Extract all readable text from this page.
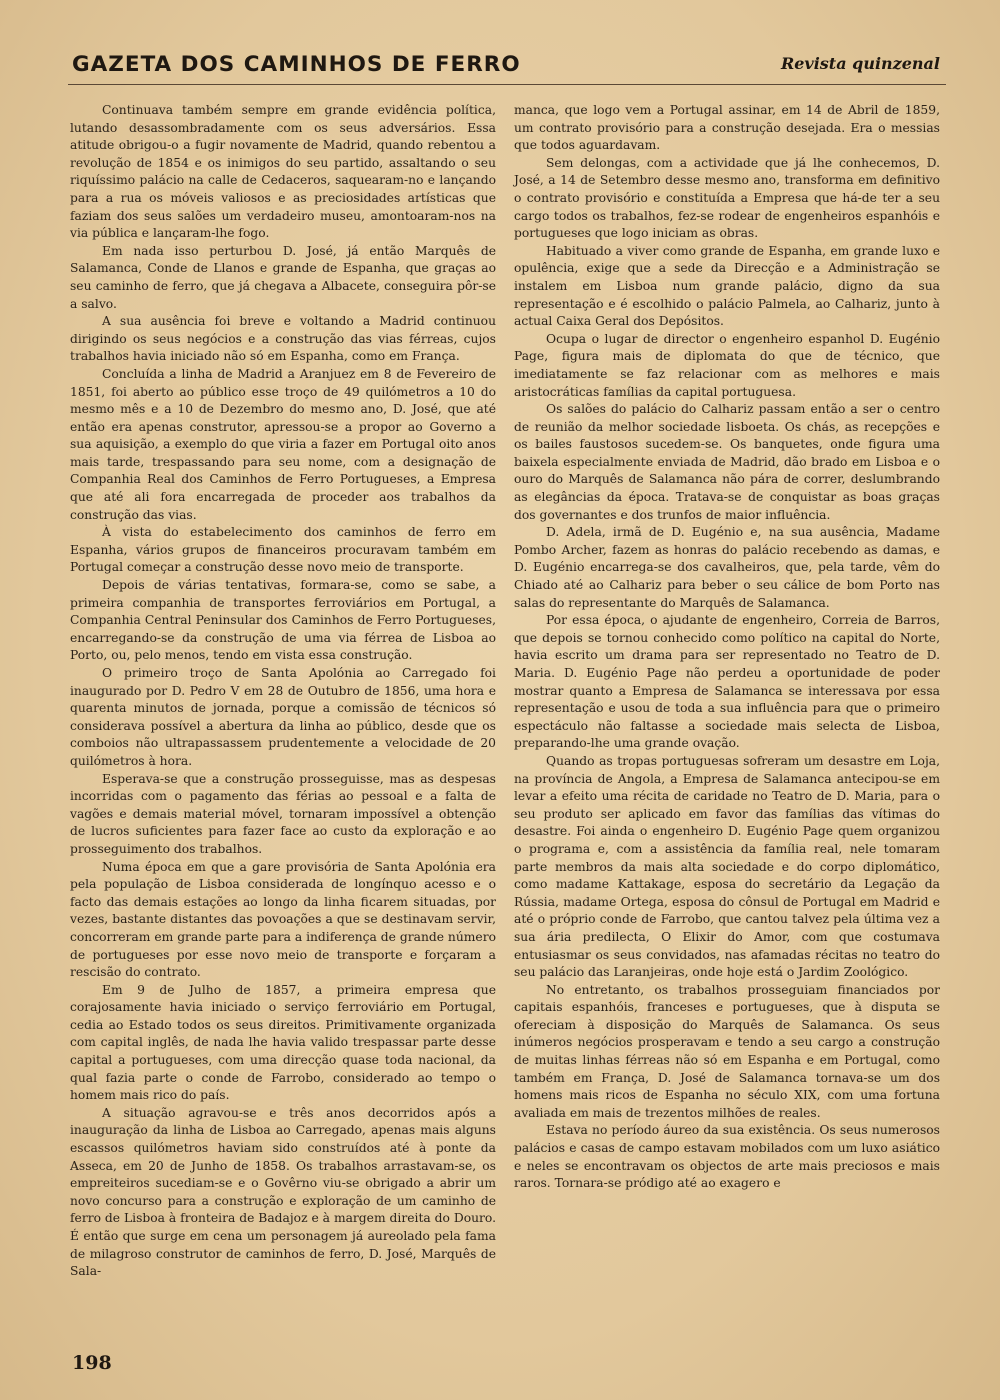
GAZETA DOS CAMINHOS DE FERRO	Revista quinzenal

Continuava também sempre em grande evidência política, lutando desassombradamente com os seus adversários. Essa atitude obrigou-o a fugir novamente de Madrid, quando rebentou a revolução de 1854 e os inimigos do seu partido, assaltando o seu riquíssimo palácio na calle de Cedaceros, saquearam-no e lançando para a rua os móveis valiosos e as preciosidades artísticas que faziam dos seus salões um verdadeiro museu, amontoaram-nos na via pública e lançaram-lhe fogo.

Em nada isso perturbou D. José, já então Marquês de Salamanca, Conde de Llanos e grande de Espanha, que graças ao seu caminho de ferro, que já chegava a Albacete, conseguira pôr-se a salvo.

A sua ausência foi breve e voltando a Madrid continuou dirigindo os seus negócios e a construção das vias férreas, cujos trabalhos havia iniciado não só em Espanha, como em França.

Concluída a linha de Madrid a Aranjuez em 8 de Fevereiro de 1851, foi aberto ao público esse troço de 49 quilómetros a 10 do mesmo mês e a 10 de Dezembro do mesmo ano, D. José, que até então era apenas construtor, apressou-se a propor ao Governo a sua aquisição, a exemplo do que viria a fazer em Portugal oito anos mais tarde, trespassando para seu nome, com a designação de Companhia Real dos Caminhos de Ferro Portugueses, a Empresa que até ali fora encarregada de proceder aos trabalhos da construção das vias.

À vista do estabelecimento dos caminhos de ferro em Espanha, vários grupos de financeiros procuravam também em Portugal começar a construção desse novo meio de transporte.

Depois de várias tentativas, formara-se, como se sabe, a primeira companhia de transportes ferroviários em Portugal, a Companhia Central Peninsular dos Caminhos de Ferro Portugueses, encarregando-se da construção de uma via férrea de Lisboa ao Porto, ou, pelo menos, tendo em vista essa construção.

O primeiro troço de Santa Apolónia ao Carregado foi inaugurado por D. Pedro V em 28 de Outubro de 1856, uma hora e quarenta minutos de jornada, porque a comissão de técnicos só considerava possível a abertura da linha ao público, desde que os comboios não ultrapassassem prudentemente a velocidade de 20 quilómetros à hora.

Esperava-se que a construção prosseguisse, mas as despesas incorridas com o pagamento das férias ao pessoal e a falta de vagões e demais material móvel, tornaram impossível a obtenção de lucros suficientes para fazer face ao custo da exploração e ao prosseguimento dos trabalhos.

Numa época em que a gare provisória de Santa Apolónia era pela população de Lisboa considerada de longínquo acesso e o facto das demais estações ao longo da linha ficarem situadas, por vezes, bastante distantes das povoações a que se destinavam servir, concorreram em grande parte para a indiferença de grande número de portugueses por esse novo meio de transporte e forçaram a rescisão do contrato.

Em 9 de Julho de 1857, a primeira empresa que corajosamente havia iniciado o serviço ferroviário em Portugal, cedia ao Estado todos os seus direitos. Primitivamente organizada com capital inglês, de nada lhe havia valido trespassar parte desse capital a portugueses, com uma direcção quase toda nacional, da qual fazia parte o conde de Farrobo, considerado ao tempo o homem mais rico do país.

A situação agravou-se e três anos decorridos após a inauguração da linha de Lisboa ao Carregado, apenas mais alguns escassos quilómetros haviam sido construídos até à ponte da Asseca, em 20 de Junho de 1858. Os trabalhos arrastavam-se, os empreiteiros sucediam-se e o Govêrno viu-se obrigado a abrir um novo concurso para a construção e exploração de um caminho de ferro de Lisboa à fronteira de Badajoz e à margem direita do Douro. É então que surge em cena um personagem já aureolado pela fama de milagroso construtor de caminhos de ferro, D. José, Marquês de Sala-

manca, que logo vem a Portugal assinar, em 14 de Abril de 1859, um contrato provisório para a construção desejada. Era o messias que todos aguardavam.

Sem delongas, com a actividade que já lhe conhecemos, D. José, a 14 de Setembro desse mesmo ano, transforma em definitivo o contrato provisório e constituída a Empresa que há-de ter a seu cargo todos os trabalhos, fez-se rodear de engenheiros espanhóis e portugueses que logo iniciam as obras.

Habituado a viver como grande de Espanha, em grande luxo e opulência, exige que a sede da Direcção e a Administração se instalem em Lisboa num grande palácio, digno da sua representação e é escolhido o palácio Palmela, ao Calhariz, junto à actual Caixa Geral dos Depósitos.

Ocupa o lugar de director o engenheiro espanhol D. Eugénio Page, figura mais de diplomata do que de técnico, que imediatamente se faz relacionar com as melhores e mais aristocráticas famílias da capital portuguesa.

Os salões do palácio do Calhariz passam então a ser o centro de reunião da melhor sociedade lisboeta. Os chás, as recepções e os bailes faustosos sucedem-se. Os banquetes, onde figura uma baixela especialmente enviada de Madrid, dão brado em Lisboa e o ouro do Marquês de Salamanca não pára de correr, deslumbrando as elegâncias da época. Tratava-se de conquistar as boas graças dos governantes e dos trunfos de maior influência.

D. Adela, irmã de D. Eugénio e, na sua ausência, Madame Pombo Archer, fazem as honras do palácio recebendo as damas, e D. Eugénio encarrega-se dos cavalheiros, que, pela tarde, vêm do Chiado até ao Calhariz para beber o seu cálice de bom Porto nas salas do representante do Marquês de Salamanca.

Por essa época, o ajudante de engenheiro, Correia de Barros, que depois se tornou conhecido como político na capital do Norte, havia escrito um drama para ser representado no Teatro de D. Maria. D. Eugénio Page não perdeu a oportunidade de poder mostrar quanto a Empresa de Salamanca se interessava por essa representação e usou de toda a sua influência para que o primeiro espectáculo não faltasse a sociedade mais selecta de Lisboa, preparando-lhe uma grande ovação.

Quando as tropas portuguesas sofreram um desastre em Loja, na província de Angola, a Empresa de Salamanca antecipou-se em levar a efeito uma récita de caridade no Teatro de D. Maria, para o seu produto ser aplicado em favor das famílias das vítimas do desastre. Foi ainda o engenheiro D. Eugénio Page quem organizou o programa e, com a assistência da família real, nele tomaram parte membros da mais alta sociedade e do corpo diplomático, como madame Kattakage, esposa do secretário da Legação da Rússia, madame Ortega, esposa do cônsul de Portugal em Madrid e até o próprio conde de Farrobo, que cantou talvez pela última vez a sua ária predilecta, O Elixir do Amor, com que costumava entusiasmar os seus convidados, nas afamadas récitas no teatro do seu palácio das Laranjeiras, onde hoje está o Jardim Zoológico.

No entretanto, os trabalhos prosseguiam financiados por capitais espanhóis, franceses e portugueses, que à disputa se ofereciam à disposição do Marquês de Salamanca. Os seus inúmeros negócios prosperavam e tendo a seu cargo a construção de muitas linhas férreas não só em Espanha e em Portugal, como também em França, D. José de Salamanca tornava-se um dos homens mais ricos de Espanha no século XIX, com uma fortuna avaliada em mais de trezentos milhões de reales.

Estava no período áureo da sua existência. Os seus numerosos palácios e casas de campo estavam mobilados com um luxo asiático e neles se encontravam os objectos de arte mais preciosos e mais raros. Tornara-se pródigo até ao exagero e

198
